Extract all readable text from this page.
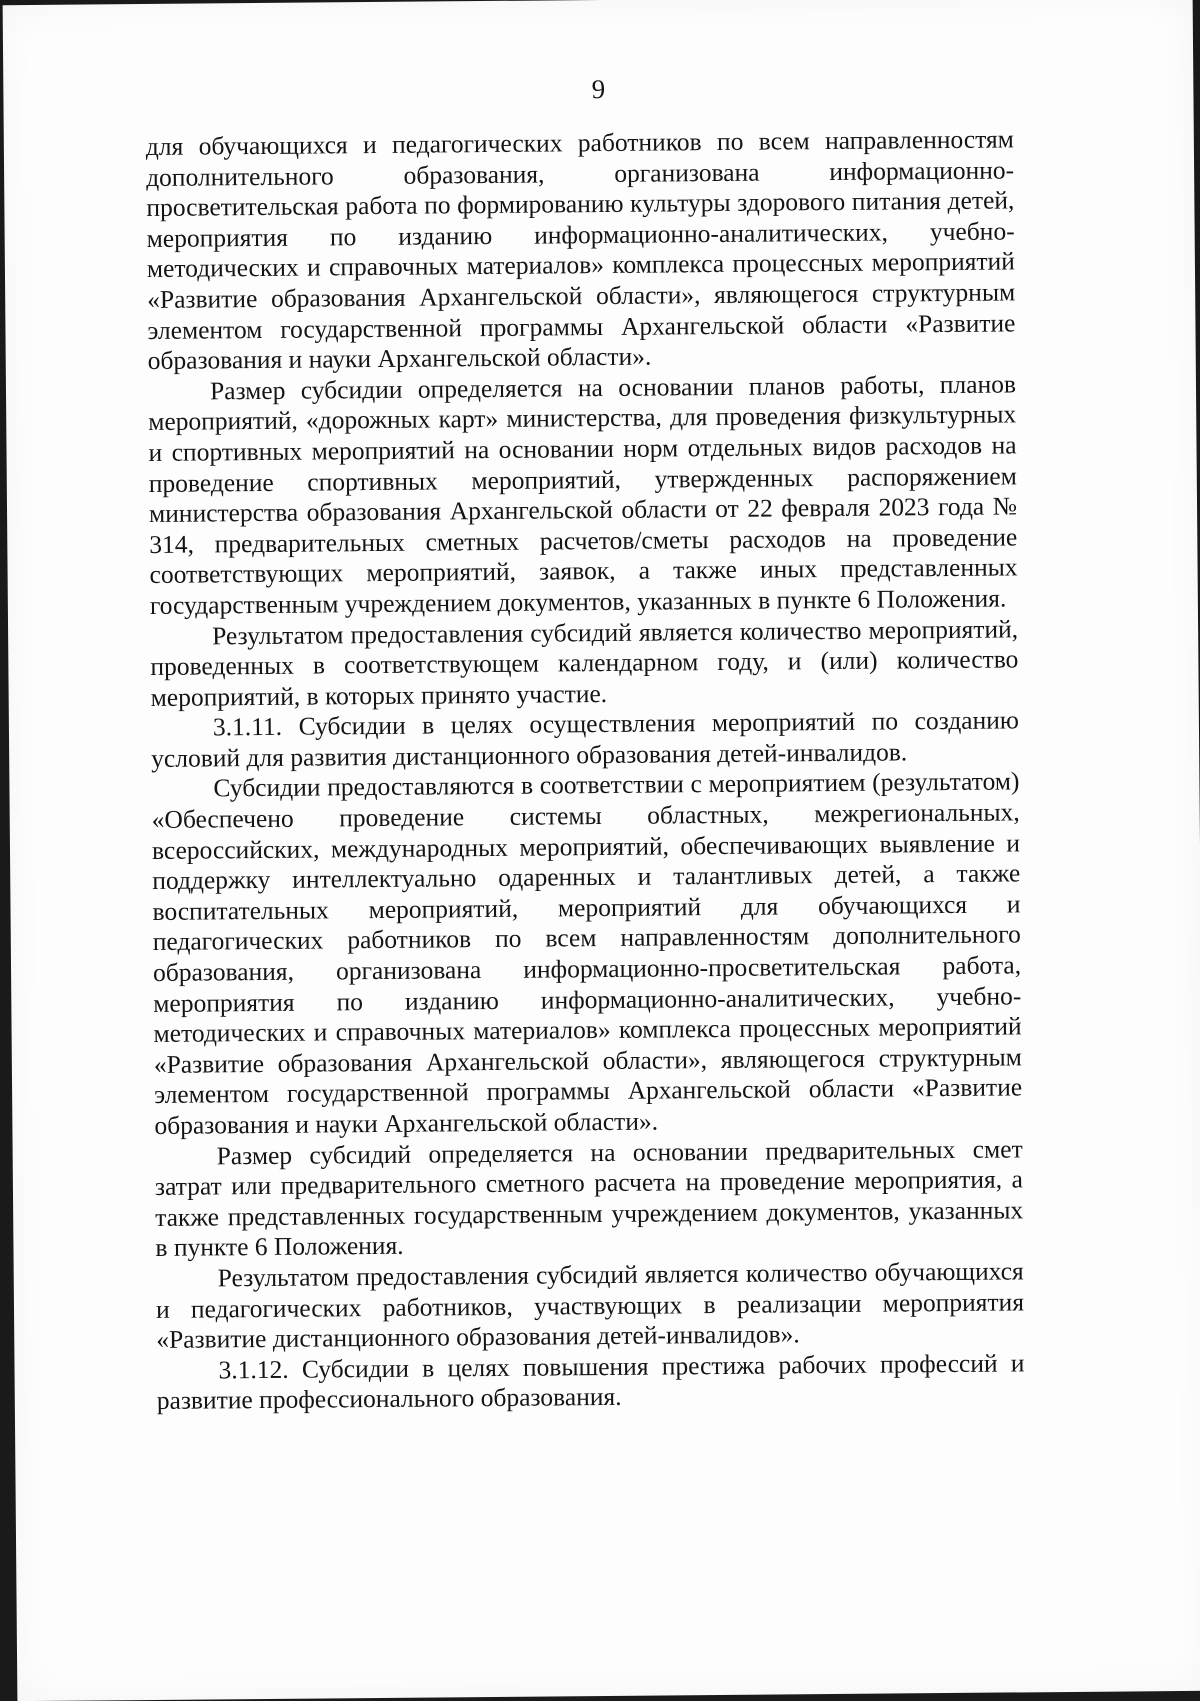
9

для обучающихся и педагогических работников по всем направленностям дополнительного образования, организована информационно-просветительская работа по формированию культуры здорового питания детей, мероприятия по изданию информационно-аналитических, учебно-методических и справочных материалов» комплекса процессных мероприятий «Развитие образования Архангельской области», являющегося структурным элементом государственной программы Архангельской области «Развитие образования и науки Архангельской области».

Размер субсидии определяется на основании планов работы, планов мероприятий, «дорожных карт» министерства, для проведения физкультурных и спортивных мероприятий на основании норм отдельных видов расходов на проведение спортивных мероприятий, утвержденных распоряжением министерства образования Архангельской области от 22 февраля 2023 года № 314, предварительных сметных расчетов/сметы расходов на проведение соответствующих мероприятий, заявок, а также иных представленных государственным учреждением документов, указанных в пункте 6 Положения.

Результатом предоставления субсидий является количество мероприятий, проведенных в соответствующем календарном году, и (или) количество мероприятий, в которых принято участие.

3.1.11. Субсидии в целях осуществления мероприятий по созданию условий для развития дистанционного образования детей-инвалидов.

Субсидии предоставляются в соответствии с мероприятием (результатом) «Обеспечено проведение системы областных, межрегиональных, всероссийских, международных мероприятий, обеспечивающих выявление и поддержку интеллектуально одаренных и талантливых детей, а также воспитательных мероприятий, мероприятий для обучающихся и педагогических работников по всем направленностям дополнительного образования, организована информационно-просветительская работа, мероприятия по изданию информационно-аналитических, учебно-методических и справочных материалов» комплекса процессных мероприятий «Развитие образования Архангельской области», являющегося структурным элементом государственной программы Архангельской области «Развитие образования и науки Архангельской области».

Размер субсидий определяется на основании предварительных смет затрат или предварительного сметного расчета на проведение мероприятия, а также представленных государственным учреждением документов, указанных в пункте 6 Положения.

Результатом предоставления субсидий является количество обучающихся и педагогических работников, участвующих в реализации мероприятия «Развитие дистанционного образования детей-инвалидов».

3.1.12. Субсидии в целях повышения престижа рабочих профессий и развитие профессионального образования.
